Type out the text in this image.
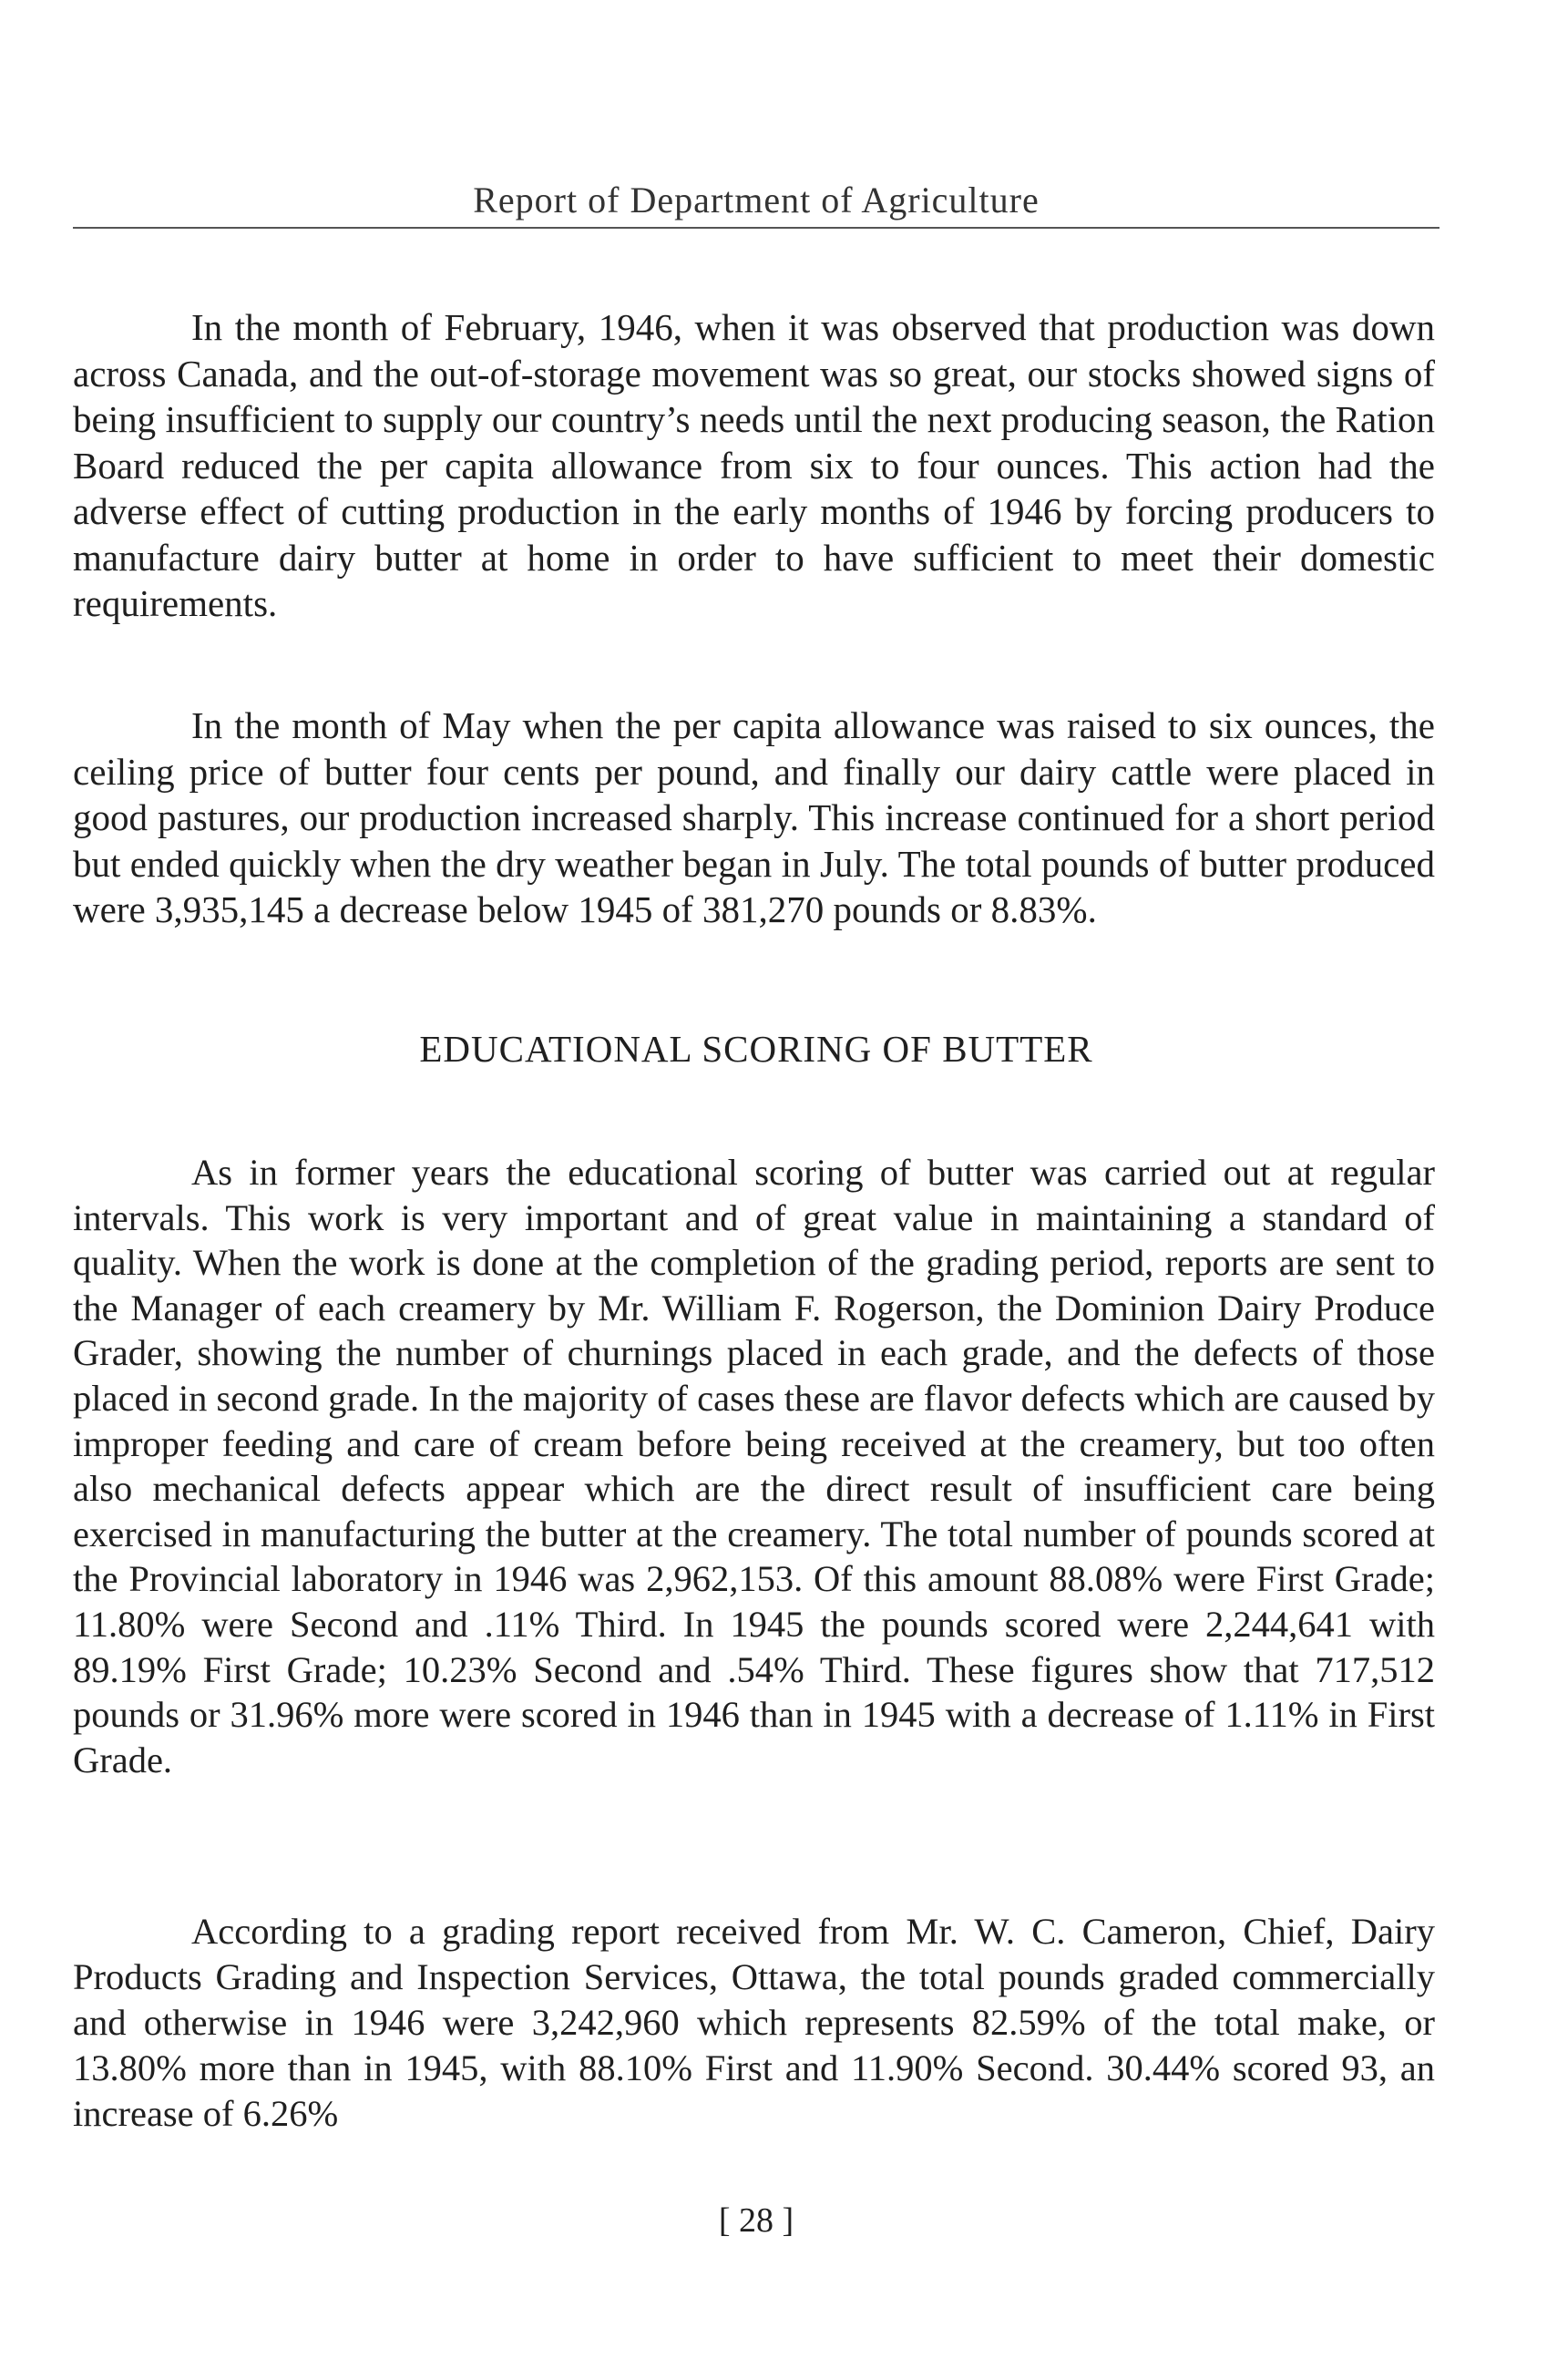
Report of Department of Agriculture

In the month of February, 1946, when it was observed that production was down across Canada, and the out-of-storage movement was so great, our stocks showed signs of being insufficient to supply our country’s needs until the next producing season, the Ration Board reduced the per capita allowance from six to four ounces. This action had the adverse effect of cutting production in the early months of 1946 by forcing producers to manufacture dairy butter at home in order to have sufficient to meet their domestic requirements.

In the month of May when the per capita allowance was raised to six ounces, the ceiling price of butter four cents per pound, and finally our dairy cattle were placed in good pastures, our production increased sharply. This increase continued for a short period but ended quickly when the dry weather began in July. The total pounds of butter produced were 3,935,145 a decrease below 1945 of 381,270 pounds or 8.83%.

EDUCATIONAL SCORING OF BUTTER

As in former years the educational scoring of butter was carried out at regular intervals. This work is very important and of great value in maintaining a standard of quality. When the work is done at the completion of the grading period, reports are sent to the Manager of each creamery by Mr. William F. Rogerson, the Dominion Dairy Produce Grader, showing the number of churnings placed in each grade, and the defects of those placed in second grade. In the majority of cases these are flavor defects which are caused by improper feeding and care of cream before being received at the creamery, but too often also mechanical defects appear which are the direct result of insufficient care being exercised in manufacturing the butter at the creamery. The total number of pounds scored at the Provincial laboratory in 1946 was 2,962,153. Of this amount 88.08% were First Grade; 11.80% were Second and .11% Third. In 1945 the pounds scored were 2,244,641 with 89.19% First Grade; 10.23% Second and .54% Third. These figures show that 717,512 pounds or 31.96% more were scored in 1946 than in 1945 with a decrease of 1.11% in First Grade.

According to a grading report received from Mr. W. C. Cameron, Chief, Dairy Products Grading and Inspection Services, Ottawa, the total pounds graded commercially and otherwise in 1946 were 3,242,960 which represents 82.59% of the total make, or 13.80% more than in 1945, with 88.10% First and 11.90% Second. 30.44% scored 93, an increase of 6.26%

[ 28 ]
